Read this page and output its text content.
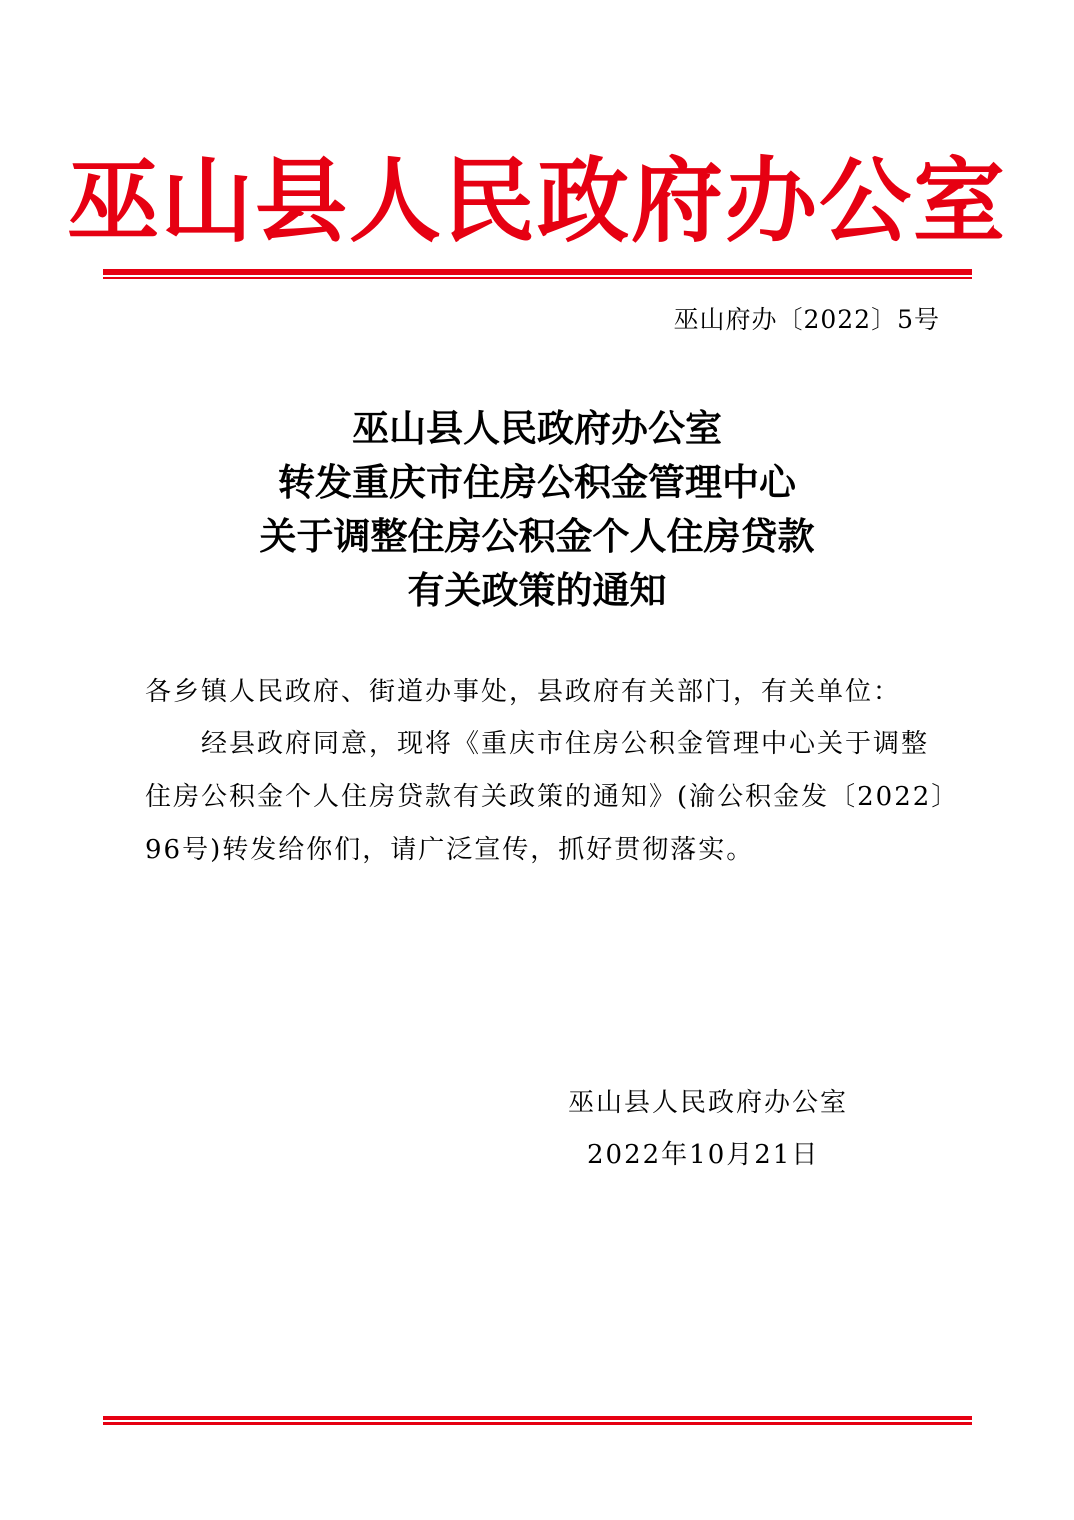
巫山县人民政府办公室
巫山府办〔2022〕5号
巫山县人民政府办公室
转发重庆市住房公积金管理中心
关于调整住房公积金个人住房贷款
有关政策的通知
各乡镇人民政府、街道办事处，县政府有关部门，有关单位：
经县政府同意，现将《重庆市住房公积金管理中心关于调整
住房公积金个人住房贷款有关政策的通知》(渝公积金发〔2022〕
96号)转发给你们，请广泛宣传，抓好贯彻落实。
巫山县人民政府办公室
2022年10月21日
